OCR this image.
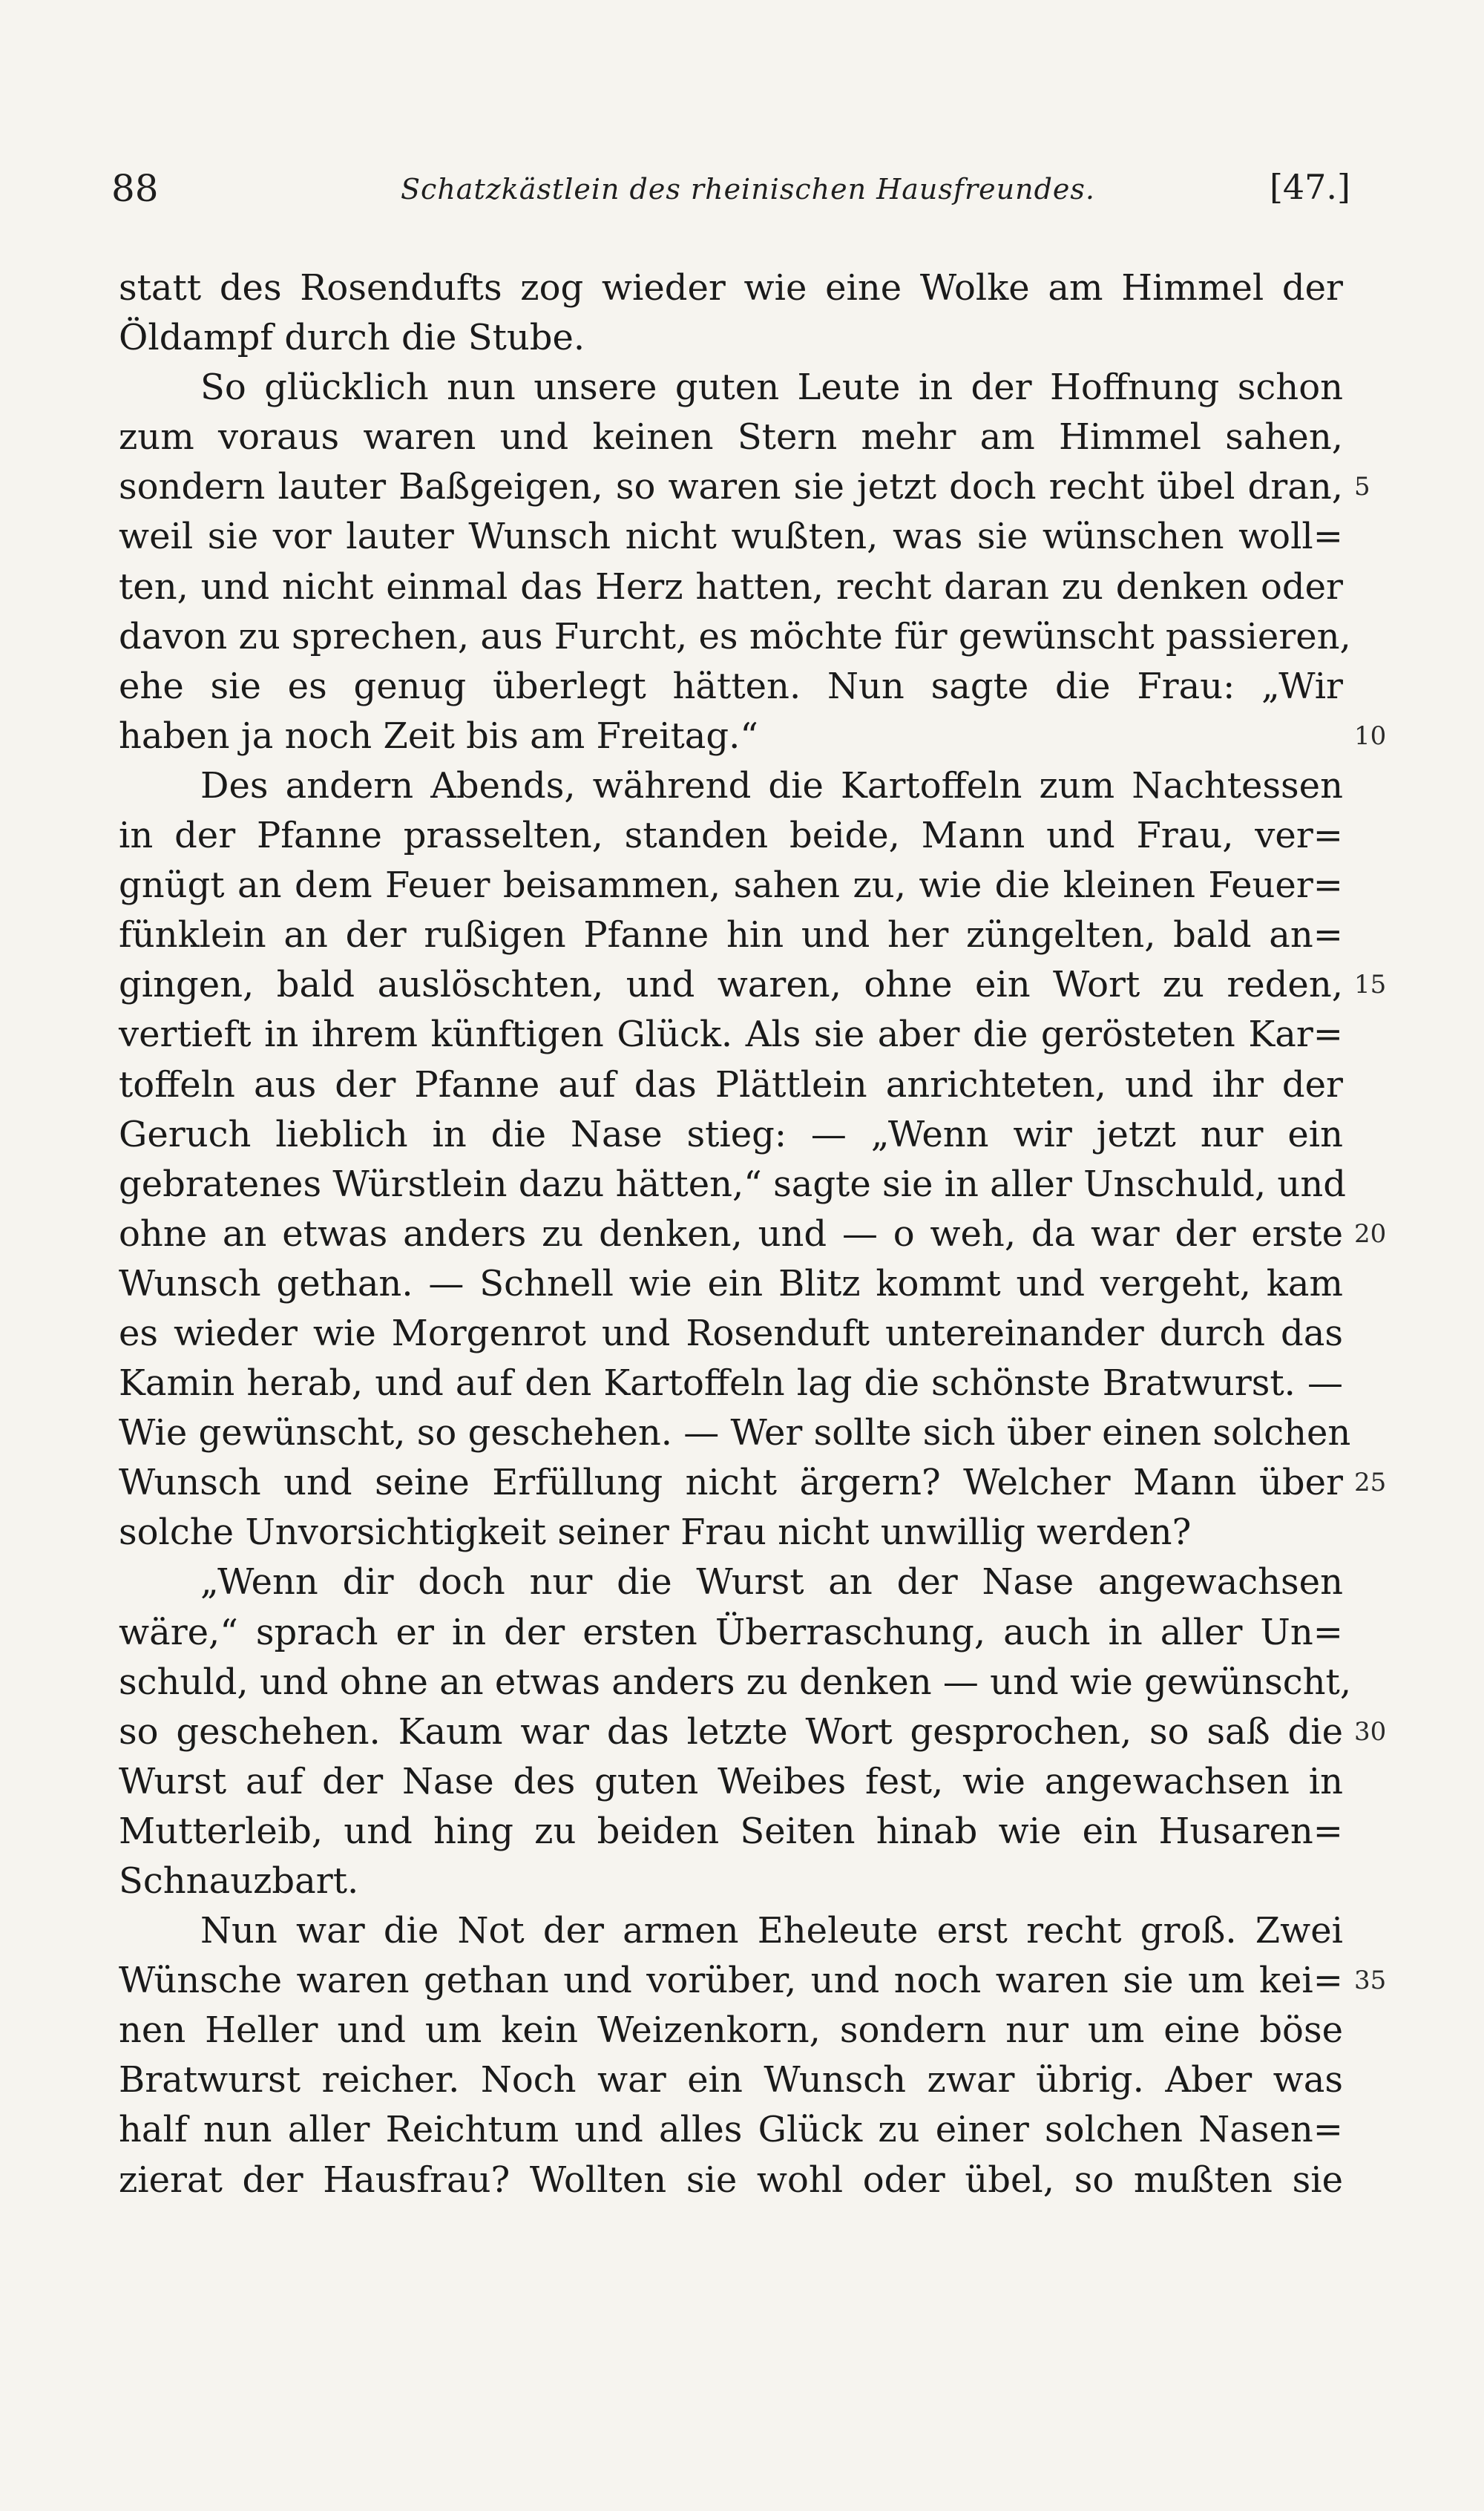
88	Schatzkästlein des rheinischen Hausfreundes.	[47.]
statt des Rosendufts zog wieder wie eine Wolke am Himmel der
Öldampf durch die Stube.
So glücklich nun unsere guten Leute in der Hoffnung schon
zum voraus waren und keinen Stern mehr am Himmel sahen,
sondern lauter Baßgeigen, so waren sie jetzt doch recht übel dran, 5
weil sie vor lauter Wunsch nicht wußten, was sie wünschen woll=
ten, und nicht einmal das Herz hatten, recht daran zu denken oder
davon zu sprechen, aus Furcht, es möchte für gewünscht passieren,
ehe sie es genug überlegt hätten. Nun sagte die Frau: „Wir
haben ja noch Zeit bis am Freitag.“	10
Des andern Abends, während die Kartoffeln zum Nachtessen
in der Pfanne prasselten, standen beide, Mann und Frau, ver=
gnügt an dem Feuer beisammen, sahen zu, wie die kleinen Feuer=
fünklein an der rußigen Pfanne hin und her züngelten, bald an=
gingen, bald auslöschten, und waren, ohne ein Wort zu reden, 15
vertieft in ihrem künftigen Glück. Als sie aber die gerösteten Kar=
toffeln aus der Pfanne auf das Plättlein anrichteten, und ihr der
Geruch lieblich in die Nase stieg: — „Wenn wir jetzt nur ein
gebratenes Würstlein dazu hätten,“ sagte sie in aller Unschuld, und
ohne an etwas anders zu denken, und — o weh, da war der erste 20
Wunsch gethan. — Schnell wie ein Blitz kommt und vergeht, kam
es wieder wie Morgenrot und Rosenduft untereinander durch das
Kamin herab, und auf den Kartoffeln lag die schönste Bratwurst. —
Wie gewünscht, so geschehen. — Wer sollte sich über einen solchen
Wunsch und seine Erfüllung nicht ärgern? Welcher Mann über 25
solche Unvorsichtigkeit seiner Frau nicht unwillig werden?
„Wenn dir doch nur die Wurst an der Nase angewachsen
wäre,“ sprach er in der ersten Überraschung, auch in aller Un=
schuld, und ohne an etwas anders zu denken — und wie gewünscht,
so geschehen. Kaum war das letzte Wort gesprochen, so saß die 30
Wurst auf der Nase des guten Weibes fest, wie angewachsen in
Mutterleib, und hing zu beiden Seiten hinab wie ein Husaren=
Schnauzbart.
Nun war die Not der armen Eheleute erst recht groß. Zwei
Wünsche waren gethan und vorüber, und noch waren sie um kei= 35
nen Heller und um kein Weizenkorn, sondern nur um eine böse
Bratwurst reicher. Noch war ein Wunsch zwar übrig. Aber was
half nun aller Reichtum und alles Glück zu einer solchen Nasen=
zierat der Hausfrau? Wollten sie wohl oder übel, so mußten sie
